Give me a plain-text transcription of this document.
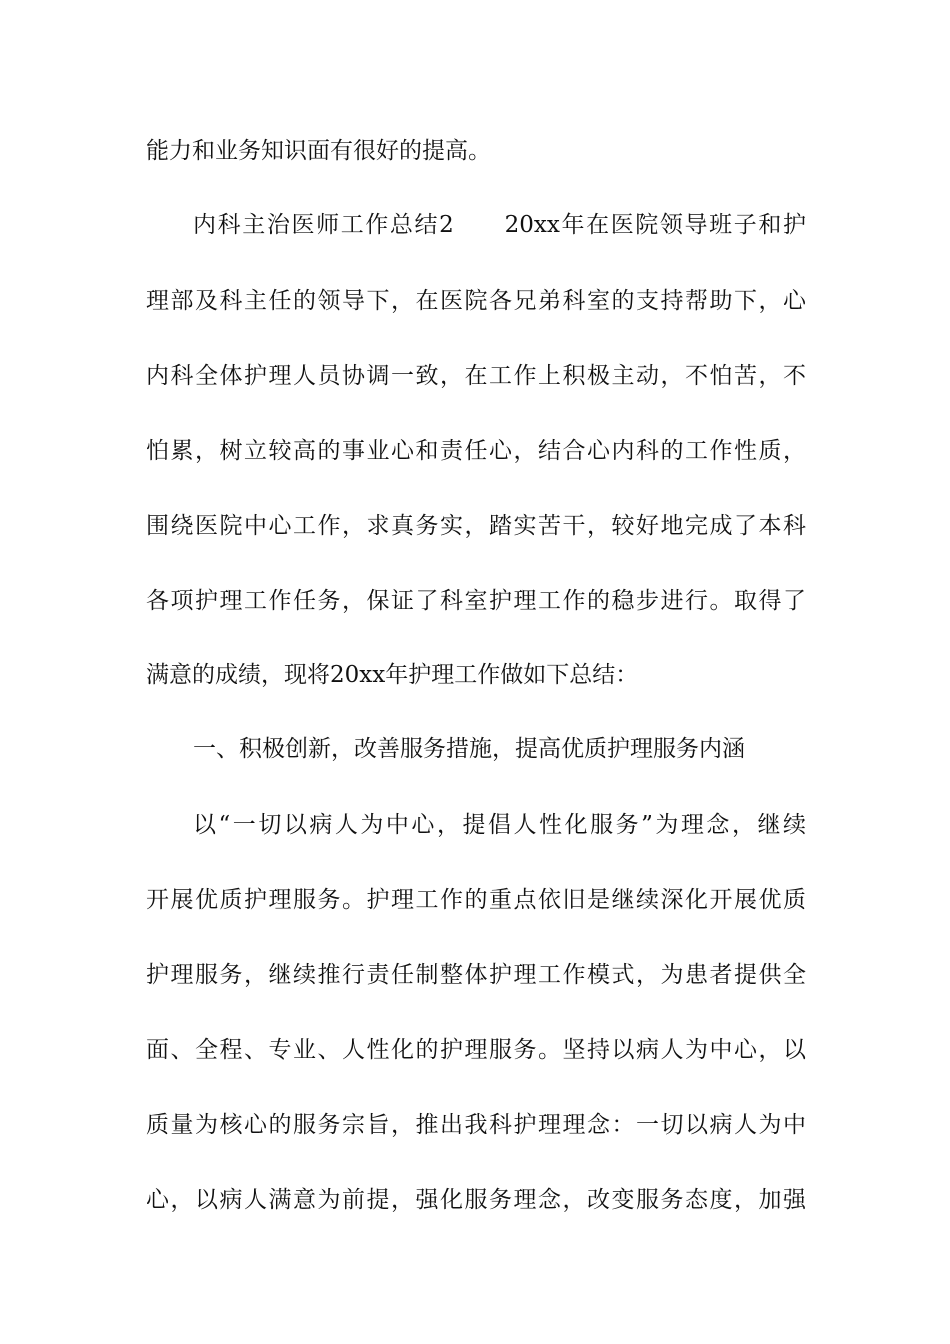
能力和业务知识面有很好的提高。
内科主治医师工作总结2　　20xx年在医院领导班子和护
理部及科主任的领导下，在医院各兄弟科室的支持帮助下，心
内科全体护理人员协调一致，在工作上积极主动，不怕苦，不
怕累，树立较高的事业心和责任心，结合心内科的工作性质，
围绕医院中心工作，求真务实，踏实苦干，较好地完成了本科
各项护理工作任务，保证了科室护理工作的稳步进行。取得了
满意的成绩，现将20xx年护理工作做如下总结：
一、积极创新，改善服务措施，提高优质护理服务内涵
以“一切以病人为中心，提倡人性化服务”为理念，继续
开展优质护理服务。护理工作的重点依旧是继续深化开展优质
护理服务，继续推行责任制整体护理工作模式，为患者提供全
面、全程、专业、人性化的护理服务。坚持以病人为中心，以
质量为核心的服务宗旨，推出我科护理理念：一切以病人为中
心，以病人满意为前提，强化服务理念，改变服务态度，加强
